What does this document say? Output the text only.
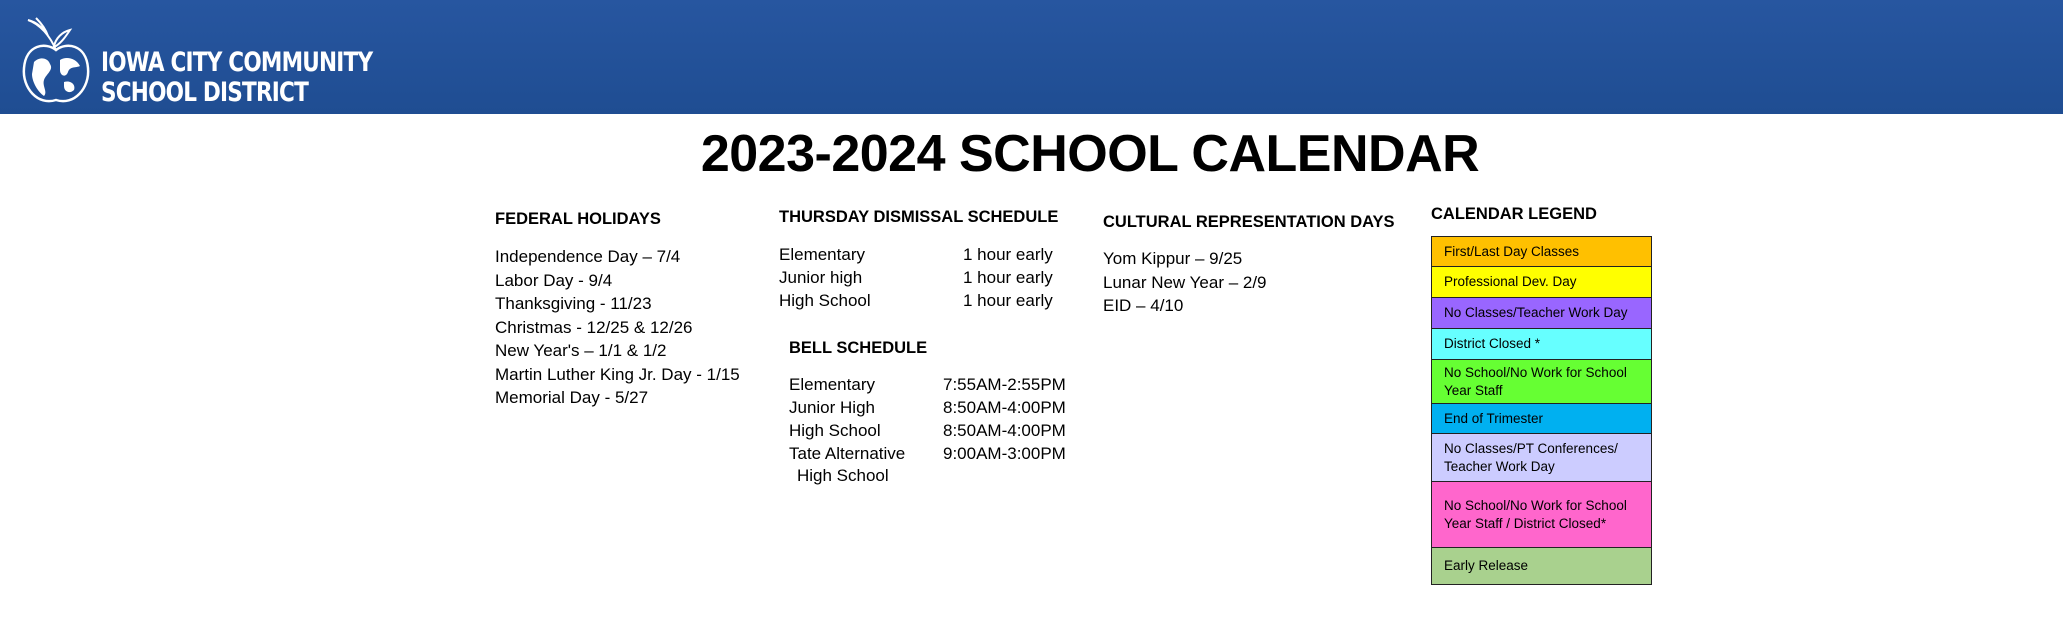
IOWA CITY COMMUNITY
SCHOOL DISTRICT
2023-2024 SCHOOL CALENDAR
FEDERAL HOLIDAYS
Independence Day – 7/4
Labor Day - 9/4
Thanksgiving - 11/23
Christmas - 12/25 & 12/26
New Year's – 1/1 & 1/2
Martin Luther King Jr. Day - 1/15
Memorial Day - 5/27
THURSDAY DISMISSAL SCHEDULE
Elementary	1 hour early
Junior high	1 hour early
High School	1 hour early
BELL SCHEDULE
Elementary	7:55AM-2:55PM
Junior High	8:50AM-4:00PM
High School	8:50AM-4:00PM
Tate Alternative 9:00AM-3:00PM
High School
CULTURAL REPRESENTATION DAYS
Yom Kippur – 9/25
Lunar New Year – 2/9
EID – 4/10
CALENDAR LEGEND
First/Last Day Classes
Professional Dev. Day
No Classes/Teacher Work Day
District Closed *
No School/No Work for School Year Staff
End of Trimester
No Classes/PT Conferences/ Teacher Work Day
No School/No Work for School Year Staff / District Closed*
Early Release
